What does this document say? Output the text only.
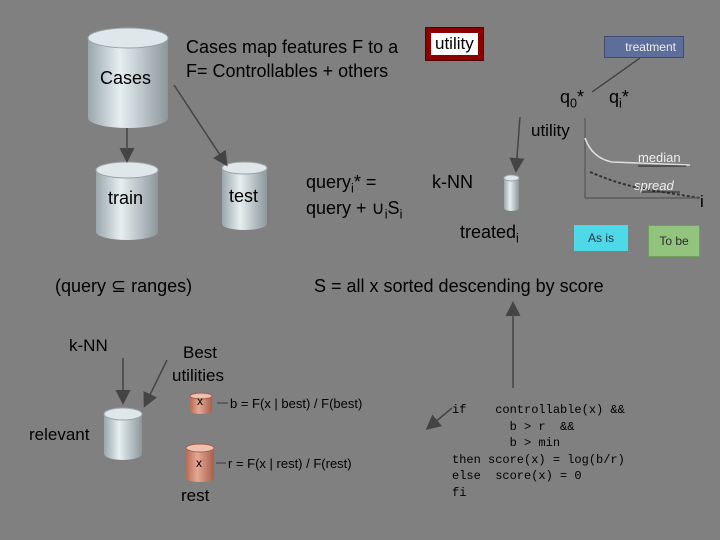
Cases
Cases map features F to a	utility
F= Controllables + others
treatment
$q_0*$ $q_i*$
utility
median
spread
i
As is	To be
train	test
query$_i$* =
query + $\cup_iS_i$
k-NN
treated$_i$
(query ⊆ ranges)	S = all x sorted descending by score
k-NN	Best
utilities
relevant
rest
x
x
b = F(x | best) / F(best)
r = F(x | rest) / F(rest)
if    controllable(x) &&
b > r  &&
b > min
then score(x) = log(b/r)
else  score(x) = 0
fi
